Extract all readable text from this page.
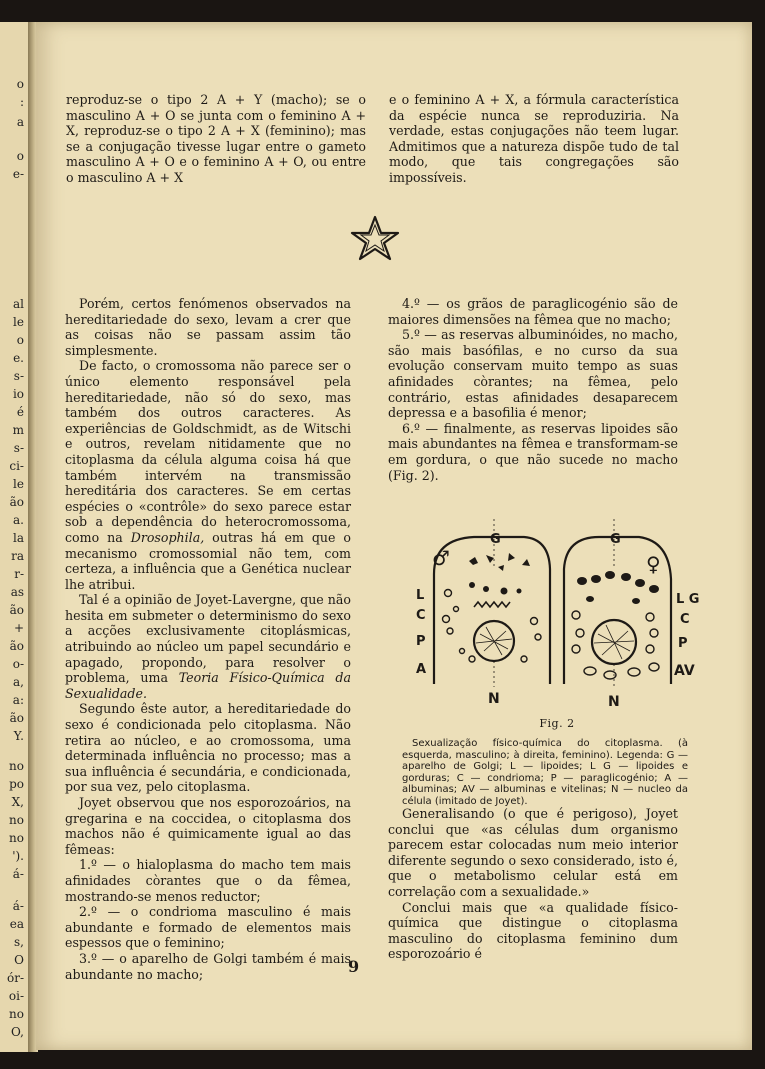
o
:
a
o
e-
al
le
o
e.
s-
io
é
m
s-
ci-
le
ão
a.
la
ra
r-
as
ão
+
ão
o-
a,
a:
ão
Y.
no
po
X,
no
no
').
á-
á-
ea
s,
O
ór-
oi-
no
O,

reproduz-se o tipo 2 A + Y (macho); se o masculino A + O se junta com o feminino A + X, reproduz-se o tipo 2 A + X (feminino); mas se a conjugação tivesse lugar entre o gameto masculino A + O e o feminino A + O, ou entre o masculino A + X

e o feminino A + X, a fórmula característica da espécie nunca se reproduziria. Na verdade, estas conjugações não teem lugar. Admitimos que a natureza dispõe tudo de tal modo, que tais congregações são impossíveis.

Porém, certos fenómenos observados na hereditariedade do sexo, levam a crer que as coisas não se passam assim tão simplesmente.

De facto, o cromossoma não parece ser o único elemento responsável pela hereditariedade, não só do sexo, mas também dos outros caracteres. As experiências de Goldschmidt, as de Witschi e outros, revelam nitidamente que no citoplasma da célula alguma coisa há que também intervém na transmissão hereditária dos caracteres. Se em certas espécies o «contrôle» do sexo parece estar sob a dependência do heterocromossoma, como na Drosophila, outras há em que o mecanismo cromossomial não tem, com certeza, a influência que a Genética nuclear lhe atribui.

Tal é a opinião de Joyet-Lavergne, que não hesita em submeter o determinismo do sexo a acções exclusivamente citoplásmicas, atribuindo ao núcleo um papel secundário e apagado, propondo, para resolver o problema, uma Teoria Físico-Química da Sexualidade.

Segundo êste autor, a hereditariedade do sexo é condicionada pelo citoplasma. Não retira ao núcleo, e ao cromossoma, uma determinada influência no processo; mas a sua influência é secundária, e condicionada, por sua vez, pelo citoplasma.

Joyet observou que nos esporozoários, na gregarina e na coccidea, o citoplasma dos machos não é quimicamente igual ao das fêmeas:

1.º — o hialoplasma do macho tem mais afinidades còrantes que o da fêmea, mostrando-se menos reductor;

2.º — o condrioma masculino é mais abundante e formado de elementos mais espessos que o feminino;

3.º — o aparelho de Golgi também é mais abundante no macho;

4.º — os grãos de paraglicogénio são de maiores dimensões na fêmea que no macho;

5.º — as reservas albuminóides, no macho, são mais basófilas, e no curso da sua evolução conservam muito tempo as suas afinidades còrantes; na fêmea, pelo contrário, estas afinidades desaparecem depressa e a basofilia é menor;

6.º — finalmente, as reservas lipoides são mais abundantes na fêmea e transformam-se em gordura, o que não sucede no macho (Fig. 2).

G	G
♂	♀
L
C
P
A
L G
C
P
AV
N	N
Fig. 2

Sexualização físico-química do citoplasma. (à esquerda, masculino; à direita, feminino). Legenda: G — aparelho de Golgi; L — lipoides; L G — lipoides e gorduras; C — condrioma; P — paraglicogénio; A — albuminas; AV — albuminas e vitelinas; N — nucleo da célula (imitado de Joyet).

Generalisando (o que é perigoso), Joyet conclui que «as células dum organismo parecem estar colocadas num meio interior diferente segundo o sexo considerado, isto é, que o metabolismo celular está em correlação com a sexualidade.»

Conclui mais que «a qualidade físico-química que distingue o citoplasma masculino do citoplasma feminino dum esporozoário é

9
